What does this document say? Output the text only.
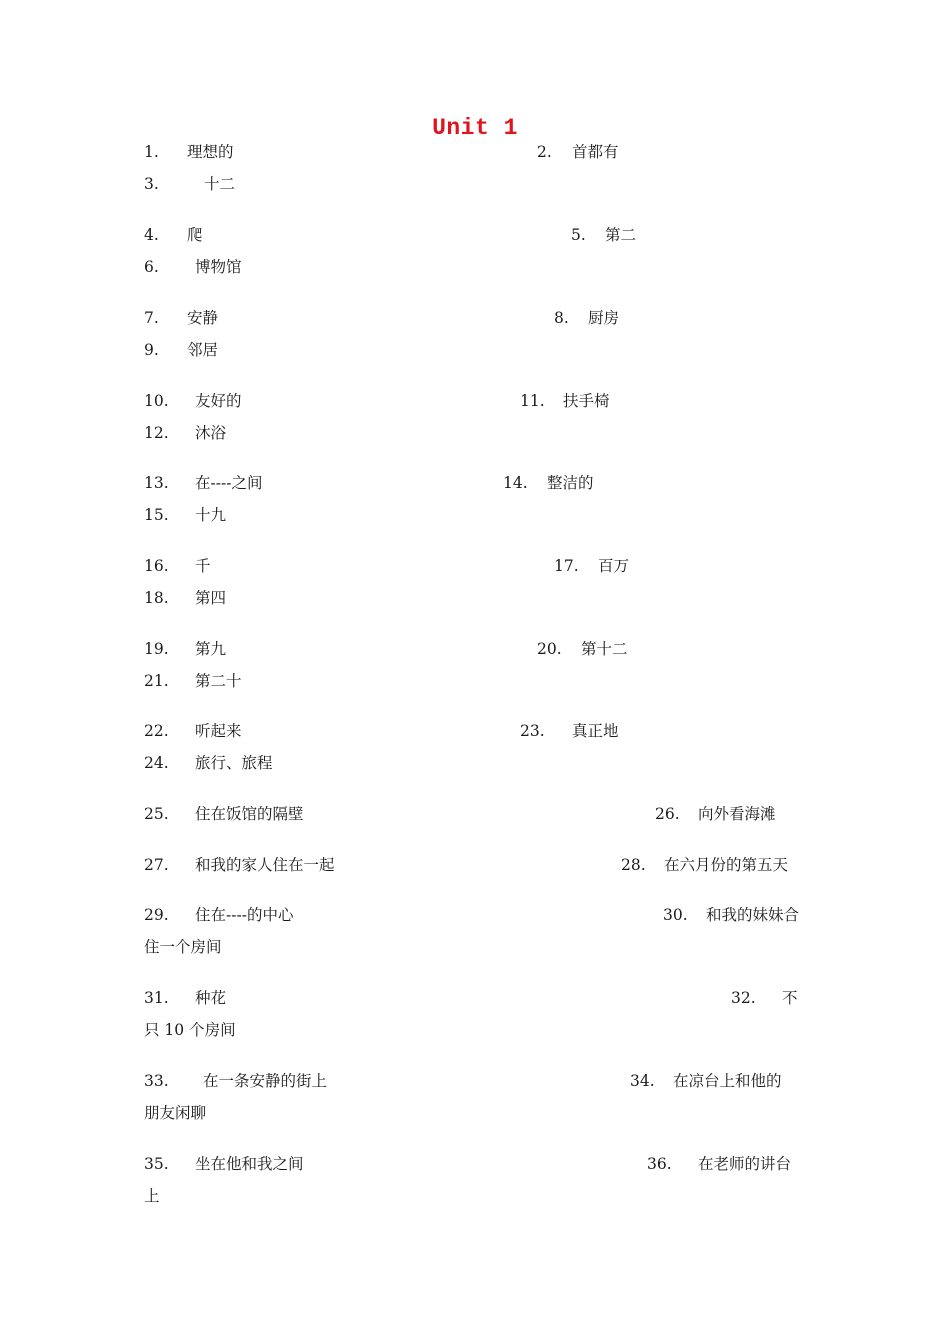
Unit 1
1. 理想的	2. 首都有
3.	十二
4. 爬	5. 第二
6. 博物馆
7. 安静	8. 厨房
9. 邻居
10. 友好的	11. 扶手椅
12. 沐浴
13. 在----之间	14. 整洁的
15. 十九
16. 千	17. 百万
18. 第四
19. 第九	20. 第十二
21. 第二十
22. 听起来	23. 真正地
24. 旅行、旅程
25. 住在饭馆的隔壁	26. 向外看海滩
27. 和我的家人住在一起	28. 在六月份的第五天
29. 住在----的中心	30. 和我的妹妹合
住一个房间
31. 种花	32. 不
只 10 个房间
33. 在一条安静的街上	34. 在凉台上和他的
朋友闲聊
35. 坐在他和我之间	36. 在老师的讲台
上
